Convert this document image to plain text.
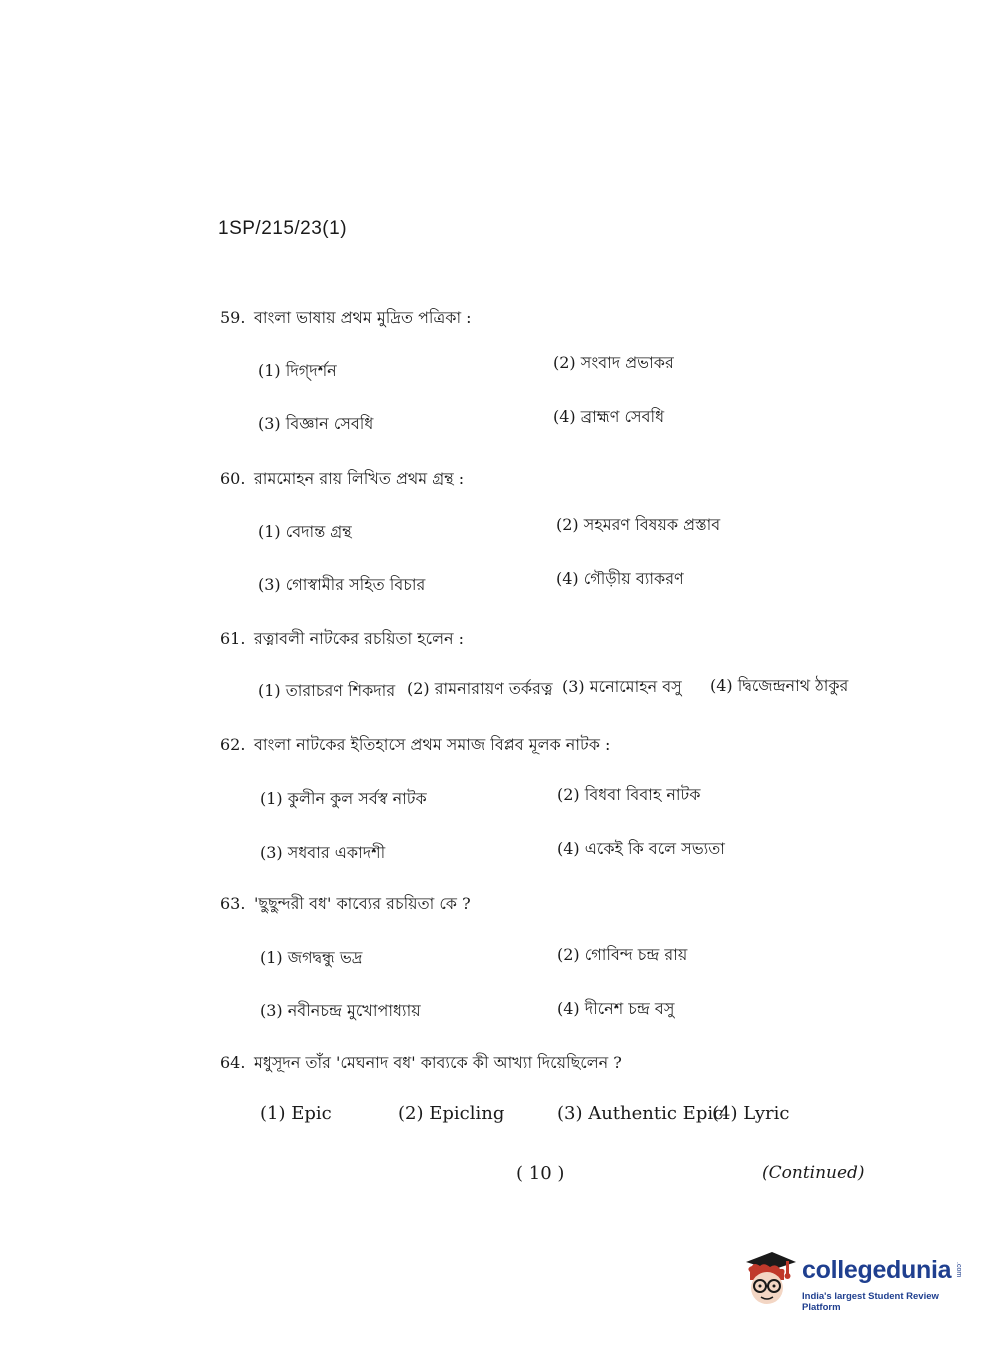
1SP/215/23(1)
59. বাংলা ভাষায় প্রথম মুদ্রিত পত্রিকা :
(1) দিগ্‌দর্শন	(2) সংবাদ প্রভাকর
(3) বিজ্ঞান সেবধি	(4) ব্রাহ্মণ সেবধি
60. রামমোহন রায় লিখিত প্রথম গ্রন্থ :
(1) বেদান্ত গ্রন্থ	(2) সহমরণ বিষয়ক প্রস্তাব
(3) গোস্বামীর সহিত বিচার	(4) গৌড়ীয় ব্যাকরণ
61. রত্নাবলী নাটকের রচয়িতা হলেন :
(1) তারাচরণ শিকদার (2) রামনারায়ণ তর্করত্ন (3) মনোমোহন বসু (4) দ্বিজেন্দ্রনাথ ঠাকুর
62. বাংলা নাটকের ইতিহাসে প্রথম সমাজ বিপ্লব মূলক নাটক :
(1) কুলীন কুল সর্বস্ব নাটক	(2) বিধবা বিবাহ নাটক
(3) সধবার একাদশী	(4) একেই কি বলে সভ্যতা
63. 'ছুছুন্দরী বধ' কাব্যের রচয়িতা কে ?
(1) জগদ্বন্ধু ভদ্র	(2) গোবিন্দ চন্দ্র রায়
(3) নবীনচন্দ্র মুখোপাধ্যায়	(4) দীনেশ চন্দ্র বসু
64. মধুসূদন তাঁর 'মেঘনাদ বধ' কাব্যকে কী আখ্যা দিয়েছিলেন ?
(1) Epic	(2) Epicling	(3) Authentic Epic
(4) Lyric
( 10 )	(Continued)
collegedunia .com
India's largest Student Review Platform
